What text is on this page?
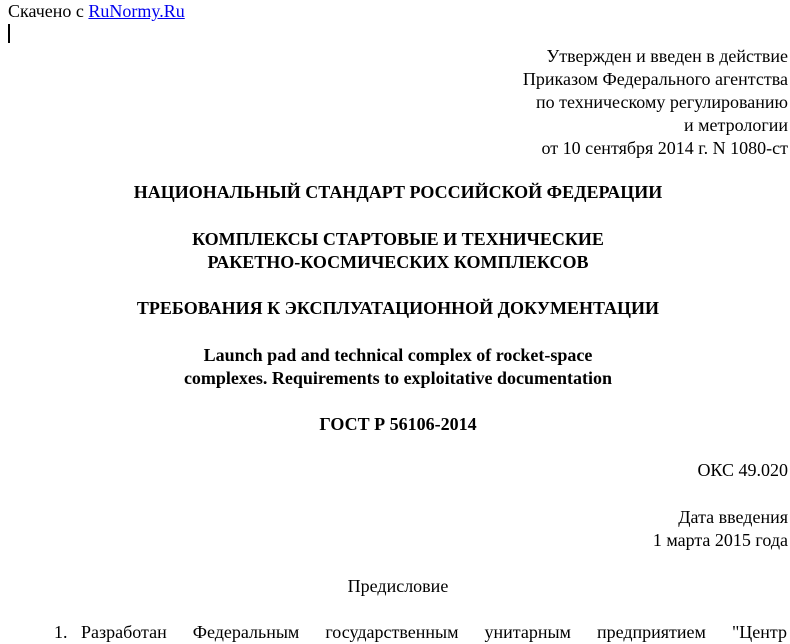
Скачено с RuNormy.Ru
Утвержден и введен в действие
Приказом Федерального агентства
по техническому регулированию
и метрологии
от 10 сентября 2014 г. N 1080-ст
НАЦИОНАЛЬНЫЙ СТАНДАРТ РОССИЙСКОЙ ФЕДЕРАЦИИ
КОМПЛЕКСЫ СТАРТОВЫЕ И ТЕХНИЧЕСКИЕ
РАКЕТНО-КОСМИЧЕСКИХ КОМПЛЕКСОВ
ТРЕБОВАНИЯ К ЭКСПЛУАТАЦИОННОЙ ДОКУМЕНТАЦИИ
Launch pad and technical complex of rocket-space
complexes. Requirements to exploitative documentation
ГОСТ Р 56106-2014
ОКС 49.020
Дата введения
1 марта 2015 года
Предисловие
1. Разработан Федеральным государственным унитарным предприятием "Центр
